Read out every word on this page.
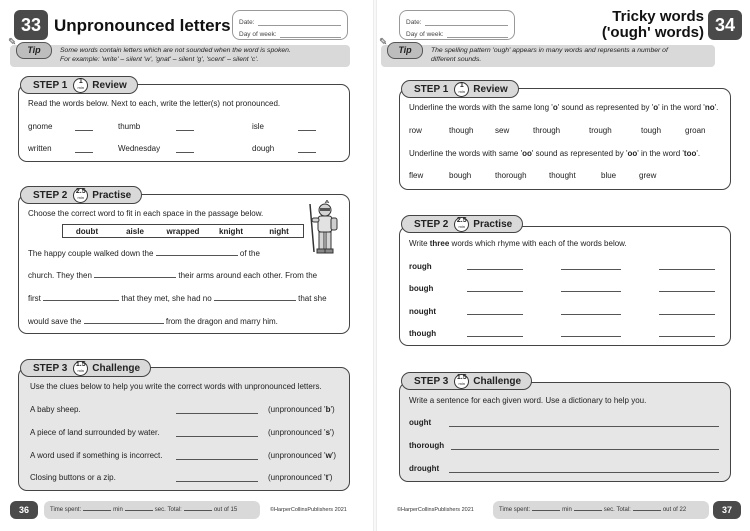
33 Unpronounced letters Date:
Day of week:
✎
Tip	Some words contain letters which are not sounded when the word is spoken.
For example: 'write' – silent 'w', 'gnat' – silent 'g', 'scent' – silent 'c'.
STEP 1 1
min Review
Read the words below. Next to each, write the letter(s) not pronounced.
gnome	thumb	isle
written	Wednesday	dough
STEP 2 2.5
min Practise
Choose the correct word to fit in each space in the passage below.
doubt	aisle	wrapped	knight	night
The happy couple walked down the	of the
church. They then	their arms around each other. From the
first	that they met, she had no	that she
would save the	from the dragon and marry him.
STEP 3 1.5
min Challenge
Use the clues below to help you write the correct words with unpronounced letters.
A baby sheep.	(unpronounced 'b')
A piece of land surrounded by water.	(unpronounced 's')
A word used if something is incorrect.	(unpronounced 'w')
Closing buttons or a zip.	(unpronounced 't')
36	Time spent:	min	sec.
Total:	out of 15	©HarperCollinsPublishers 2021
Date:
Day of week:
Tricky words
('ough' words) 34
✎
Tip	The spelling pattern 'ough' appears in many words and represents a number of
different sounds.
STEP 1 1
min Review
Underline the words with the same long 'o' sound as represented by 'o' in the word 'no'.
row	though	sew	through	trough	tough	groan
Underline the words with same 'oo' sound as represented by 'oo' in the word 'too'.
flew	bough	thorough	thought	blue	grew
STEP 2 2.5
min Practise
Write three words which rhyme with each of the words below.
rough
bough
nought
though
STEP 3 1.5
min Challenge
Write a sentence for each given word. Use a dictionary to help you.
ought
thorough
drought
©HarperCollinsPublishers 2021	Time spent:	min	sec.
Total:	out of 22	37
